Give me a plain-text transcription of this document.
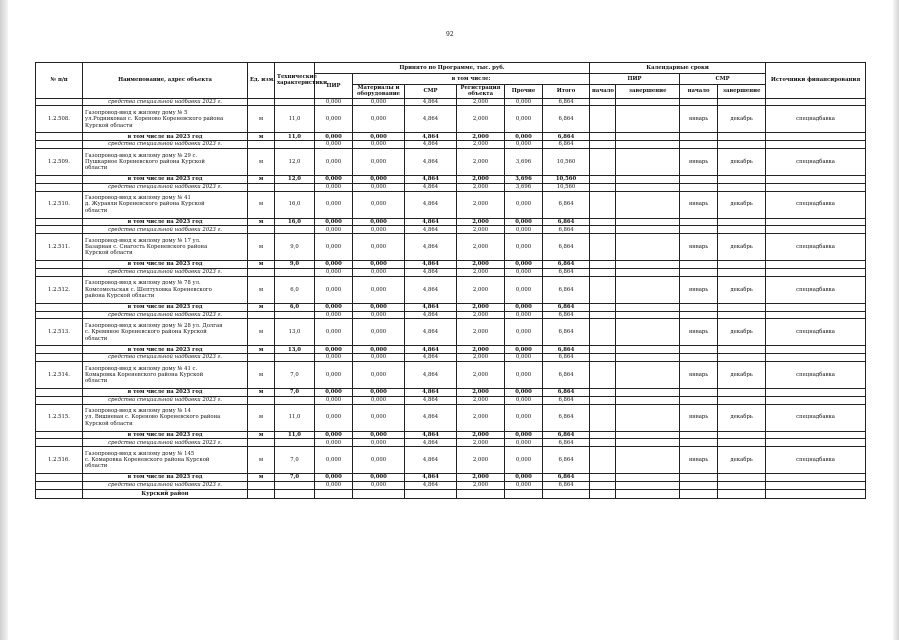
92
№ п/п	Наименование, адрес объекта	Ед. изм.	Технические характеристики	Принято по Программе, тыс. руб.						Календарные сроки				Источники финансирования
				ПИР	в том числе:					ПИР		СМР		
					Материалы и оборудование	СМР	Регистрация объекта	Прочие	Итого	начало	завершение	начало	завершение	

	средства специальной надбавки 2023 г.			0,000	0,000	4,864	2,000	0,000	6,864					
1.2.508.	Газопровод-ввод к жилому дому № 5
ул.Родниковая с. Кореново Кореневского района
Курской области	м	11,0	0,000	0,000	4,864	2,000	0,000	6,864			январь	декабрь	спецнадбавка
	в том числе на 2023 год	м	11,0	0,000	0,000	4,864	2,000	0,000	6,864					
	средства специальной надбавки 2023 г.			0,000	0,000	4,864	2,000	0,000	6,864					
1.2.509.	Газопровод-ввод к жилому дому № 29 с.
Пушкарное Кореневского района Курской
области	м	12,0	0,000	0,000	4,864	2,000	3,696	10,560			январь	декабрь	спецнадбавка
	в том числе на 2023 год	м	12,0	0,000	0,000	4,864	2,000	3,696	10,560					
	средства специальной надбавки 2023 г.			0,000	0,000	4,864	2,000	3,696	10,560					
1.2.510.	Газопровод-ввод к жилому дому № 41
д. Журавли Кореневского района Курской
области	м	16,0	0,000	0,000	4,864	2,000	0,000	6,864			январь	декабрь	спецнадбавка
	в том числе на 2023 год	м	16,0	0,000	0,000	4,864	2,000	0,000	6,864					
	средства специальной надбавки 2023 г.			0,000	0,000	4,864	2,000	0,000	6,864					
1.2.511.	Газопровод-ввод к жилому дому № 17 ул.
Базарная с. Снагость Кореневского района
Курской области	м	9,0	0,000	0,000	4,864	2,000	0,000	6,864			январь	декабрь	спецнадбавка
	в том числе на 2023 год	м	9,0	0,000	0,000	4,864	2,000	0,000	6,864					
	средства специальной надбавки 2023 г.			0,000	0,000	4,864	2,000	0,000	6,864					
1.2.512.	Газопровод-ввод к жилому дому № 78 ул.
Комсомольская с. Шептуховка Кореневского
района Курской области	м	6,0	0,000	0,000	4,864	2,000	0,000	6,864			январь	декабрь	спецнадбавка
	в том числе на 2023 год	м	6,0	0,000	0,000	4,864	2,000	0,000	6,864					
	средства специальной надбавки 2023 г.			0,000	0,000	4,864	2,000	0,000	6,864					
1.2.513.	Газопровод-ввод к жилому дому № 28 ул. Долгая
с. Кремяное Кореневского района Курской
области	м	13,0	0,000	0,000	4,864	2,000	0,000	6,864			январь	декабрь	спецнадбавка
	в том числе на 2023 год	м	13,0	0,000	0,000	4,864	2,000	0,000	6,864					
	средства специальной надбавки 2023 г.			0,000	0,000	4,864	2,000	0,000	6,864					
1.2.514.	Газопровод-ввод к жилому дому № 41 с.
Комаровка Кореневского района Курской
области	м	7,0	0,000	0,000	4,864	2,000	0,000	6,864			январь	декабрь	спецнадбавка
	в том числе на 2023 год	м	7,0	0,000	0,000	4,864	2,000	0,000	6,864					
	средства специальной надбавки 2023 г.			0,000	0,000	4,864	2,000	0,000	6,864					
1.2.515.	Газопровод-ввод к жилому дому № 14
ул. Вишневая с. Кореново Кореневского района
Курской области	м	11,0	0,000	0,000	4,864	2,000	0,000	6,864			январь	декабрь	спецнадбавка
	в том числе на 2023 год	м	11,0	0,000	0,000	4,864	2,000	0,000	6,864					
	средства специальной надбавки 2023 г.			0,000	0,000	4,864	2,000	0,000	6,864					
1.2.516.	Газопровод-ввод к жилому дому № 145
с. Комаровка Кореневского района Курской
области	м	7,0	0,000	0,000	4,864	2,000	0,000	6,864			январь	декабрь	спецнадбавка
	в том числе на 2023 год	м	7,0	0,000	0,000	4,864	2,000	0,000	6,864					
	средства специальной надбавки 2023 г.			0,000	0,000	4,864	2,000	0,000	6,864					
	Курский район													
